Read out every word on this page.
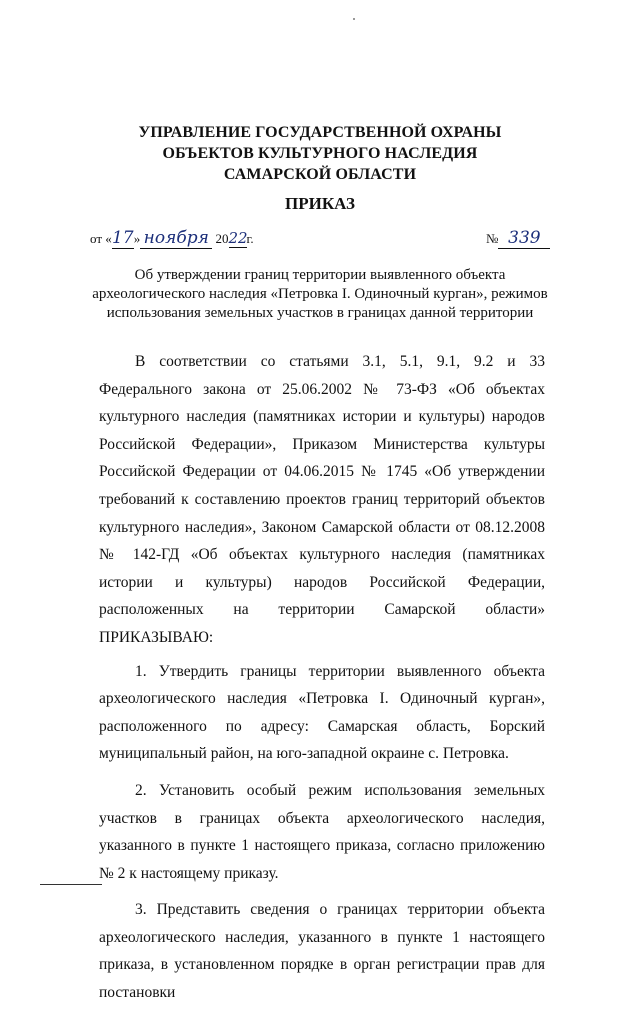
УПРАВЛЕНИЕ ГОСУДАРСТВЕННОЙ ОХРАНЫ
ОБЪЕКТОВ КУЛЬТУРНОГО НАСЛЕДИЯ
САМАРСКОЙ ОБЛАСТИ
ПРИКАЗ
от «17» ноября 2022г.	№ 339
Об утверждении границ территории выявленного объекта
археологического наследия «Петровка I. Одиночный курган», режимов
использования земельных участков в границах данной территории

В соответствии со статьями 3.1, 5.1, 9.1, 9.2 и 33 Федерального закона от 25.06.2002 № 73-ФЗ «Об объектах культурного наследия (памятниках истории и культуры) народов Российской Федерации», Приказом Министерства культуры Российской Федерации от 04.06.2015 № 1745 «Об утверждении требований к составлению проектов границ территорий объектов культурного наследия», Законом Самарской области от 08.12.2008 № 142-ГД «Об объектах культурного наследия (памятниках истории и культуры) народов Российской Федерации, расположенных на территории Самарской области» ПРИКАЗЫВАЮ:

1. Утвердить границы территории выявленного объекта археологического наследия «Петровка I. Одиночный курган», расположенного по адресу: Самарская область, Борский муниципальный район, на юго-западной окраине с. Петровка.

2. Установить особый режим использования земельных участков в границах объекта археологического наследия, указанного в пункте 1 настоящего приказа, согласно приложению № 2 к настоящему приказу.

3. Представить сведения о границах территории объекта археологического наследия, указанного в пункте 1 настоящего приказа, в установленном порядке в орган регистрации прав для постановки
